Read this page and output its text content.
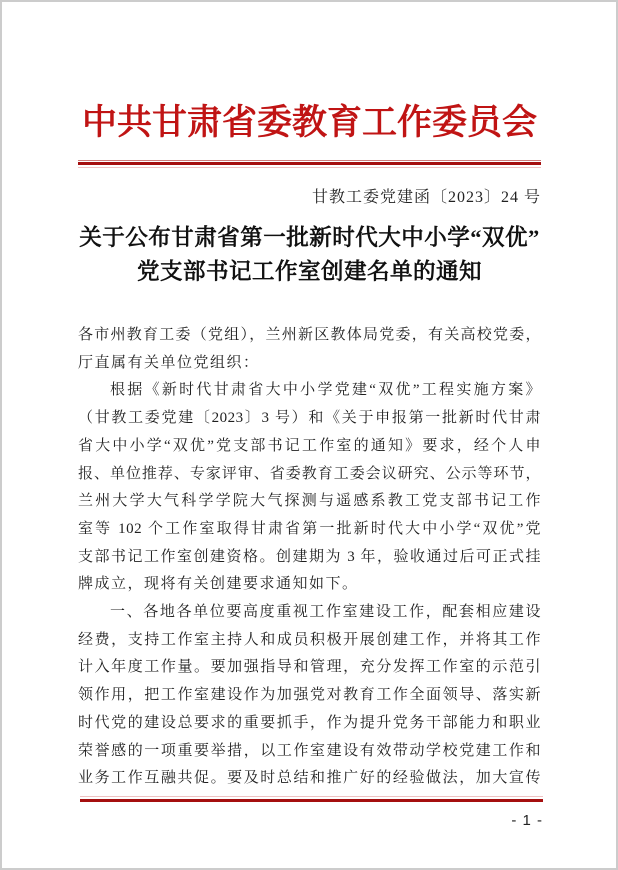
中共甘肃省委教育工作委员会
甘教工委党建函〔2023〕24 号
关于公布甘肃省第一批新时代大中小学“双优”
党支部书记工作室创建名单的通知
各市州教育工委（党组），兰州新区教体局党委，有关高校党委，
厅直属有关单位党组织：
根据《新时代甘肃省大中小学党建“双优”工程实施方案》
（甘教工委党建〔2023〕3 号）和《关于申报第一批新时代甘肃
省大中小学“双优”党支部书记工作室的通知》要求，经个人申
报、单位推荐、专家评审、省委教育工委会议研究、公示等环节，
兰州大学大气科学学院大气探测与遥感系教工党支部书记工作
室等 102 个工作室取得甘肃省第一批新时代大中小学“双优”党
支部书记工作室创建资格。创建期为 3 年，验收通过后可正式挂
牌成立，现将有关创建要求通知如下。
一、各地各单位要高度重视工作室建设工作，配套相应建设
经费，支持工作室主持人和成员积极开展创建工作，并将其工作
计入年度工作量。要加强指导和管理，充分发挥工作室的示范引
领作用，把工作室建设作为加强党对教育工作全面领导、落实新
时代党的建设总要求的重要抓手，作为提升党务干部能力和职业
荣誉感的一项重要举措，以工作室建设有效带动学校党建工作和
业务工作互融共促。要及时总结和推广好的经验做法，加大宣传
- 1 -
